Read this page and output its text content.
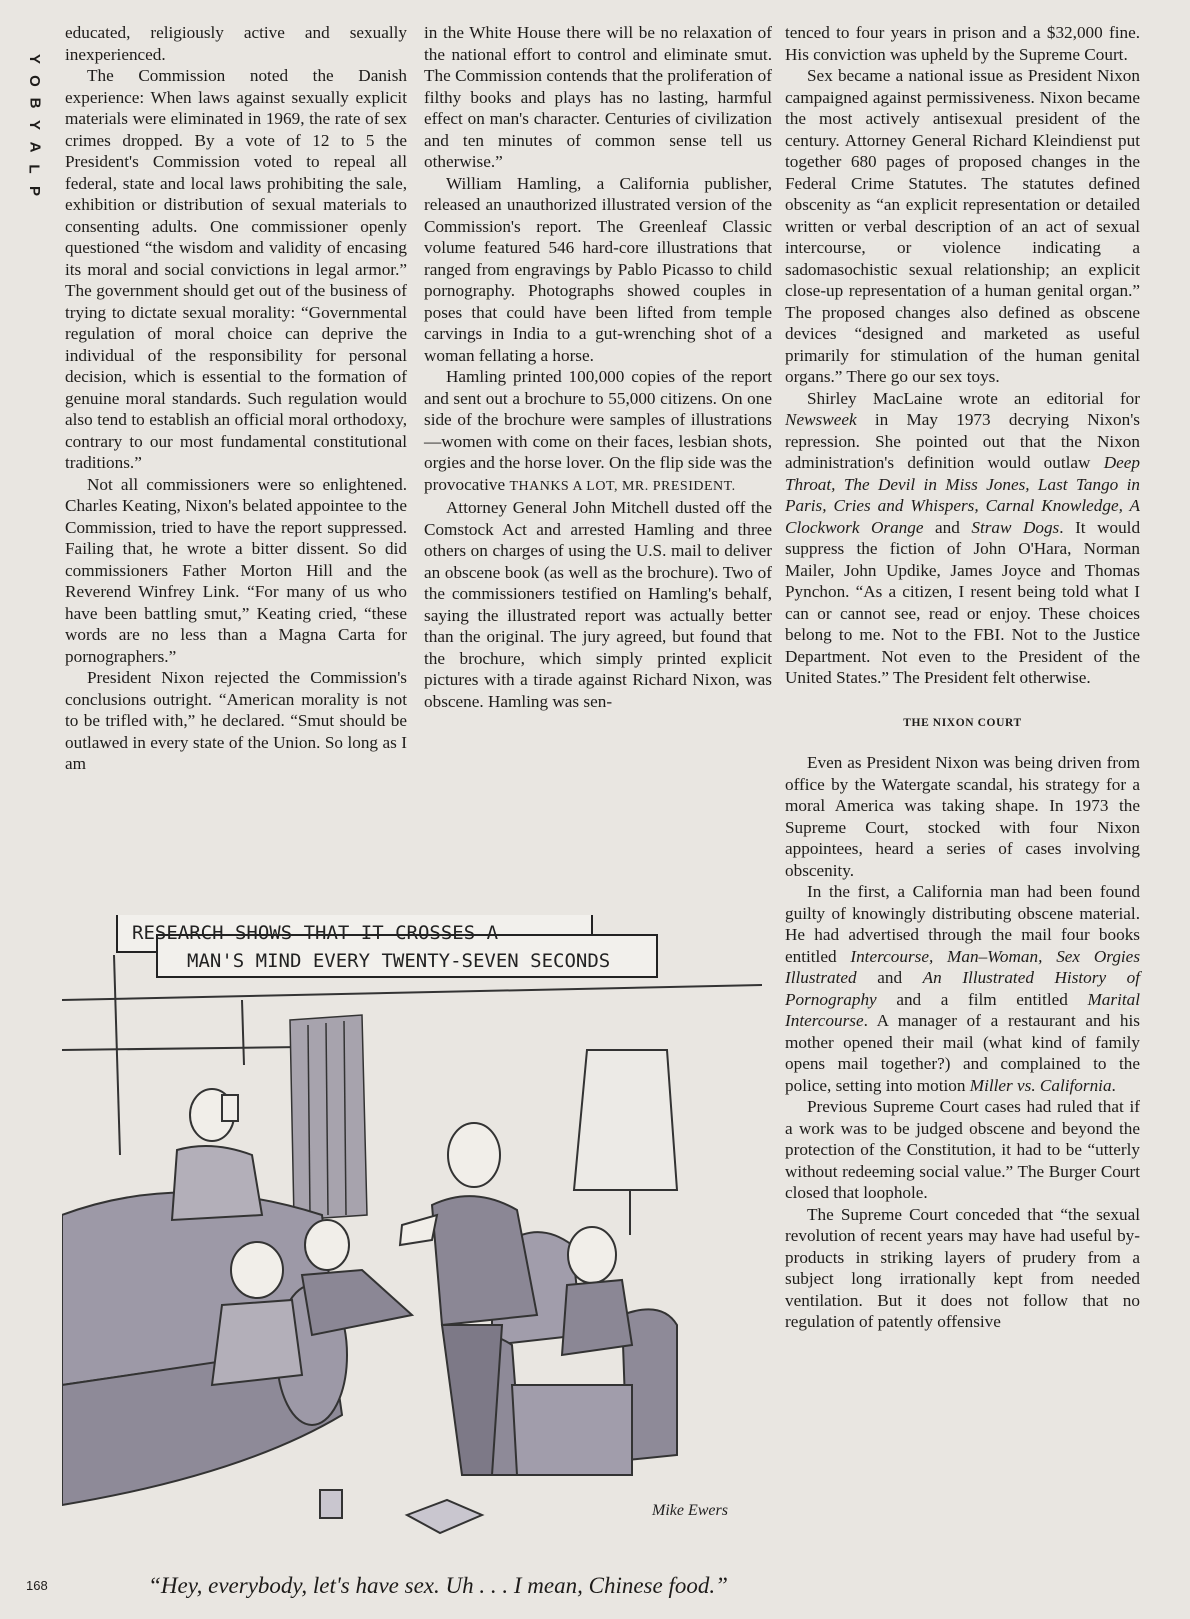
Y
O
B
Y
A
L
P

educated, religiously active and sexually inexperienced.

The Commission noted the Danish experience: When laws against sexually explicit materials were eliminated in 1969, the rate of sex crimes dropped. By a vote of 12 to 5 the President's Commission voted to repeal all federal, state and local laws prohibiting the sale, exhibition or distribution of sexual materials to consenting adults. One commissioner openly questioned “the wisdom and validity of encasing its moral and social convictions in legal armor.” The government should get out of the business of trying to dictate sexual morality: “Governmental regulation of moral choice can deprive the individual of the responsibility for personal decision, which is essential to the formation of genuine moral standards. Such regulation would also tend to establish an official moral orthodoxy, contrary to our most fundamental constitutional traditions.”

Not all commissioners were so enlightened. Charles Keating, Nixon's belated appointee to the Commission, tried to have the report suppressed. Failing that, he wrote a bitter dissent. So did commissioners Father Morton Hill and the Reverend Winfrey Link. “For many of us who have been battling smut,” Keating cried, “these words are no less than a Magna Carta for pornographers.”

President Nixon rejected the Commission's conclusions outright. “American morality is not to be trifled with,” he declared. “Smut should be outlawed in every state of the Union. So long as I am

in the White House there will be no relaxation of the national effort to control and eliminate smut. The Commission contends that the proliferation of filthy books and plays has no lasting, harmful effect on man's character. Centuries of civilization and ten minutes of common sense tell us otherwise.”

William Hamling, a California publisher, released an unauthorized illustrated version of the Commission's report. The Greenleaf Classic volume featured 546 hard-core illustrations that ranged from engravings by Pablo Picasso to child pornography. Photographs showed couples in poses that could have been lifted from temple carvings in India to a gut-wrenching shot of a woman fellating a horse.

Hamling printed 100,000 copies of the report and sent out a brochure to 55,000 citizens. On one side of the brochure were samples of illustrations—women with come on their faces, lesbian shots, orgies and the horse lover. On the flip side was the provocative THANKS A LOT, MR. PRESIDENT.

Attorney General John Mitchell dusted off the Comstock Act and arrested Hamling and three others on charges of using the U.S. mail to deliver an obscene book (as well as the brochure). Two of the commissioners testified on Hamling's behalf, saying the illustrated report was actually better than the original. The jury agreed, but found that the brochure, which simply printed explicit pictures with a tirade against Richard Nixon, was obscene. Hamling was sen-

tenced to four years in prison and a $32,000 fine. His conviction was upheld by the Supreme Court.

Sex became a national issue as President Nixon campaigned against permissiveness. Nixon became the most actively antisexual president of the century. Attorney General Richard Kleindienst put together 680 pages of proposed changes in the Federal Crime Statutes. The statutes defined obscenity as “an explicit representation or detailed written or verbal description of an act of sexual intercourse, or violence indicating a sadomasochistic sexual relationship; an explicit close-up representation of a human genital organ.” The proposed changes also defined as obscene devices “designed and marketed as useful primarily for stimulation of the human genital organs.” There go our sex toys.

Shirley MacLaine wrote an editorial for Newsweek in May 1973 decrying Nixon's repression. She pointed out that the Nixon administration's definition would outlaw Deep Throat, The Devil in Miss Jones, Last Tango in Paris, Cries and Whispers, Carnal Knowledge, A Clockwork Orange and Straw Dogs. It would suppress the fiction of John O'Hara, Norman Mailer, John Updike, James Joyce and Thomas Pynchon. “As a citizen, I resent being told what I can or cannot see, read or enjoy. These choices belong to me. Not to the FBI. Not to the Justice Department. Not even to the President of the United States.” The President felt otherwise.

THE NIXON COURT

Even as President Nixon was being driven from office by the Watergate scandal, his strategy for a moral America was taking shape. In 1973 the Supreme Court, stocked with four Nixon appointees, heard a series of cases involving obscenity.

In the first, a California man had been found guilty of knowingly distributing obscene material. He had advertised through the mail four books entitled Intercourse, Man–Woman, Sex Orgies Illustrated and An Illustrated History of Pornography and a film entitled Marital Intercourse. A manager of a restaurant and his mother opened their mail (what kind of family opens mail together?) and complained to the police, setting into motion Miller vs. California.

Previous Supreme Court cases had ruled that if a work was to be judged obscene and beyond the protection of the Constitution, it had to be “utterly without redeeming social value.” The Burger Court closed that loophole.

The Supreme Court conceded that “the sexual revolution of recent years may have had useful by-products in striking layers of prudery from a subject long irrationally kept from needed ventilation. But it does not follow that no regulation of patently offensive

RESEARCH SHOWS THAT IT CROSSES A
MAN'S MIND EVERY TWENTY-SEVEN SECONDS
Mike Ewers
“Hey, everybody, let's have sex. Uh . . . I mean, Chinese food.”
168
